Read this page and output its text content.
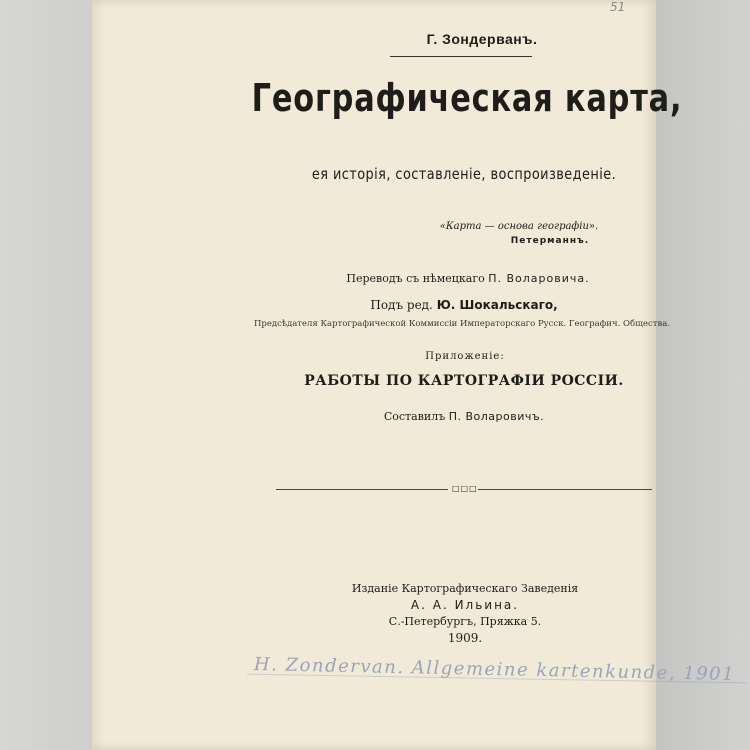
51
Г. Зондерванъ.
Географическая карта,
ея исторія, составленіе, воспроизведеніе.
«Карта — основа географіи».
Петерманнъ.
Переводъ съ нѣмецкаго П. Воларовича.
Подъ ред. Ю. Шокальскаго,
Предсѣдателя Картографической Коммиссіи Императорскаго Русск. Географич. Общества.
Приложеніе:
РАБОТЫ ПО КАРТОГРАФІИ РОССІИ.
Составилъ П. Воларовичъ.
□□□
Изданіе Картографическаго Заведенія
А. А. Ильина.
С.-Петербургъ, Пряжка 5.
1909.
H. Zondervan. Allgemeine kartenkunde, 1901
